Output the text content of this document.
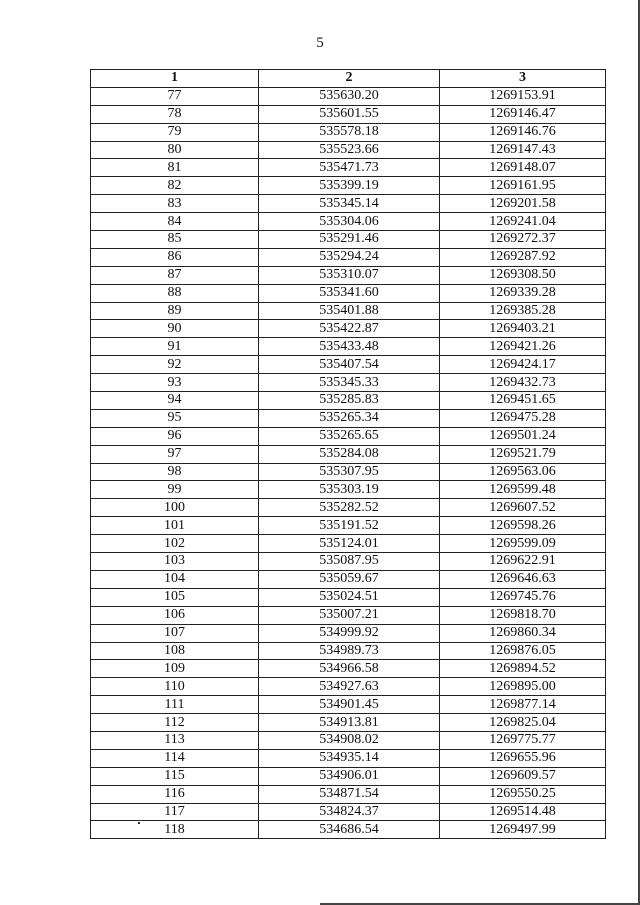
5
1	2	3
77	535630.20	1269153.91
78	535601.55	1269146.47
79	535578.18	1269146.76
80	535523.66	1269147.43
81	535471.73	1269148.07
82	535399.19	1269161.95
83	535345.14	1269201.58
84	535304.06	1269241.04
85	535291.46	1269272.37
86	535294.24	1269287.92
87	535310.07	1269308.50
88	535341.60	1269339.28
89	535401.88	1269385.28
90	535422.87	1269403.21
91	535433.48	1269421.26
92	535407.54	1269424.17
93	535345.33	1269432.73
94	535285.83	1269451.65
95	535265.34	1269475.28
96	535265.65	1269501.24
97	535284.08	1269521.79
98	535307.95	1269563.06
99	535303.19	1269599.48
100	535282.52	1269607.52
101	535191.52	1269598.26
102	535124.01	1269599.09
103	535087.95	1269622.91
104	535059.67	1269646.63
105	535024.51	1269745.76
106	535007.21	1269818.70
107	534999.92	1269860.34
108	534989.73	1269876.05
109	534966.58	1269894.52
110	534927.63	1269895.00
111	534901.45	1269877.14
112	534913.81	1269825.04
113	534908.02	1269775.77
114	534935.14	1269655.96
115	534906.01	1269609.57
116	534871.54	1269550.25
117	534824.37	1269514.48
118	534686.54	1269497.99
